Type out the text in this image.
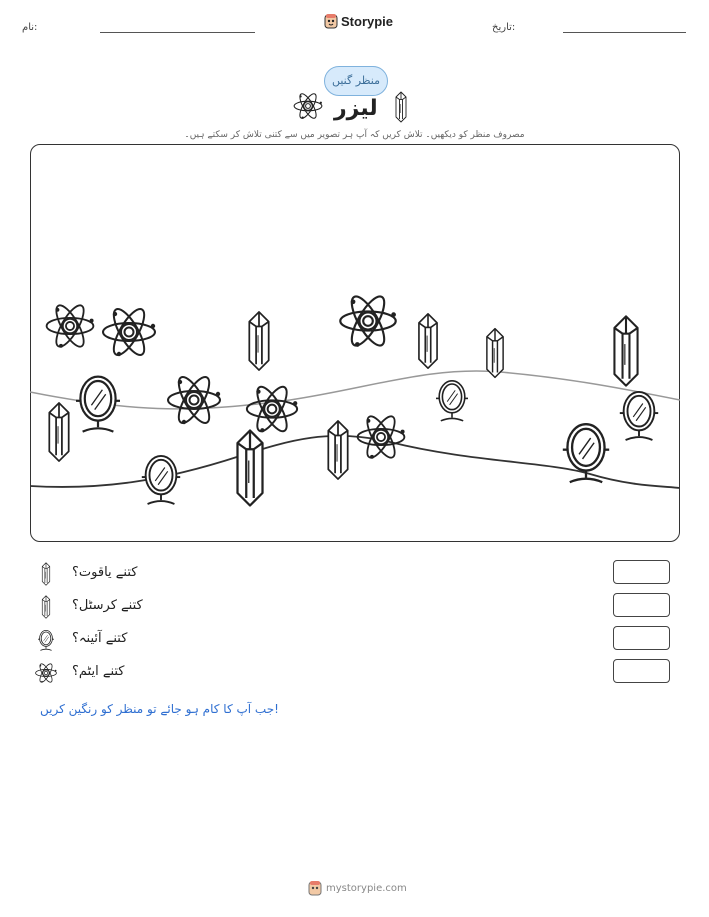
نام:	Storypie	تاریخ:
منظر گنیں
لیزر
مصروف منظر کو دیکھیں۔ تلاش کریں کہ آپ ہر تصویر میں سے کتنی تلاش کر سکتے ہیں۔
کتنے یاقوت؟
کتنے کرسٹل؟
کتنے آئینہ؟
کتنے ایٹم؟
جب آپ کا کام ہو جائے تو منظر کو رنگین کریں!
mystorypie.com
